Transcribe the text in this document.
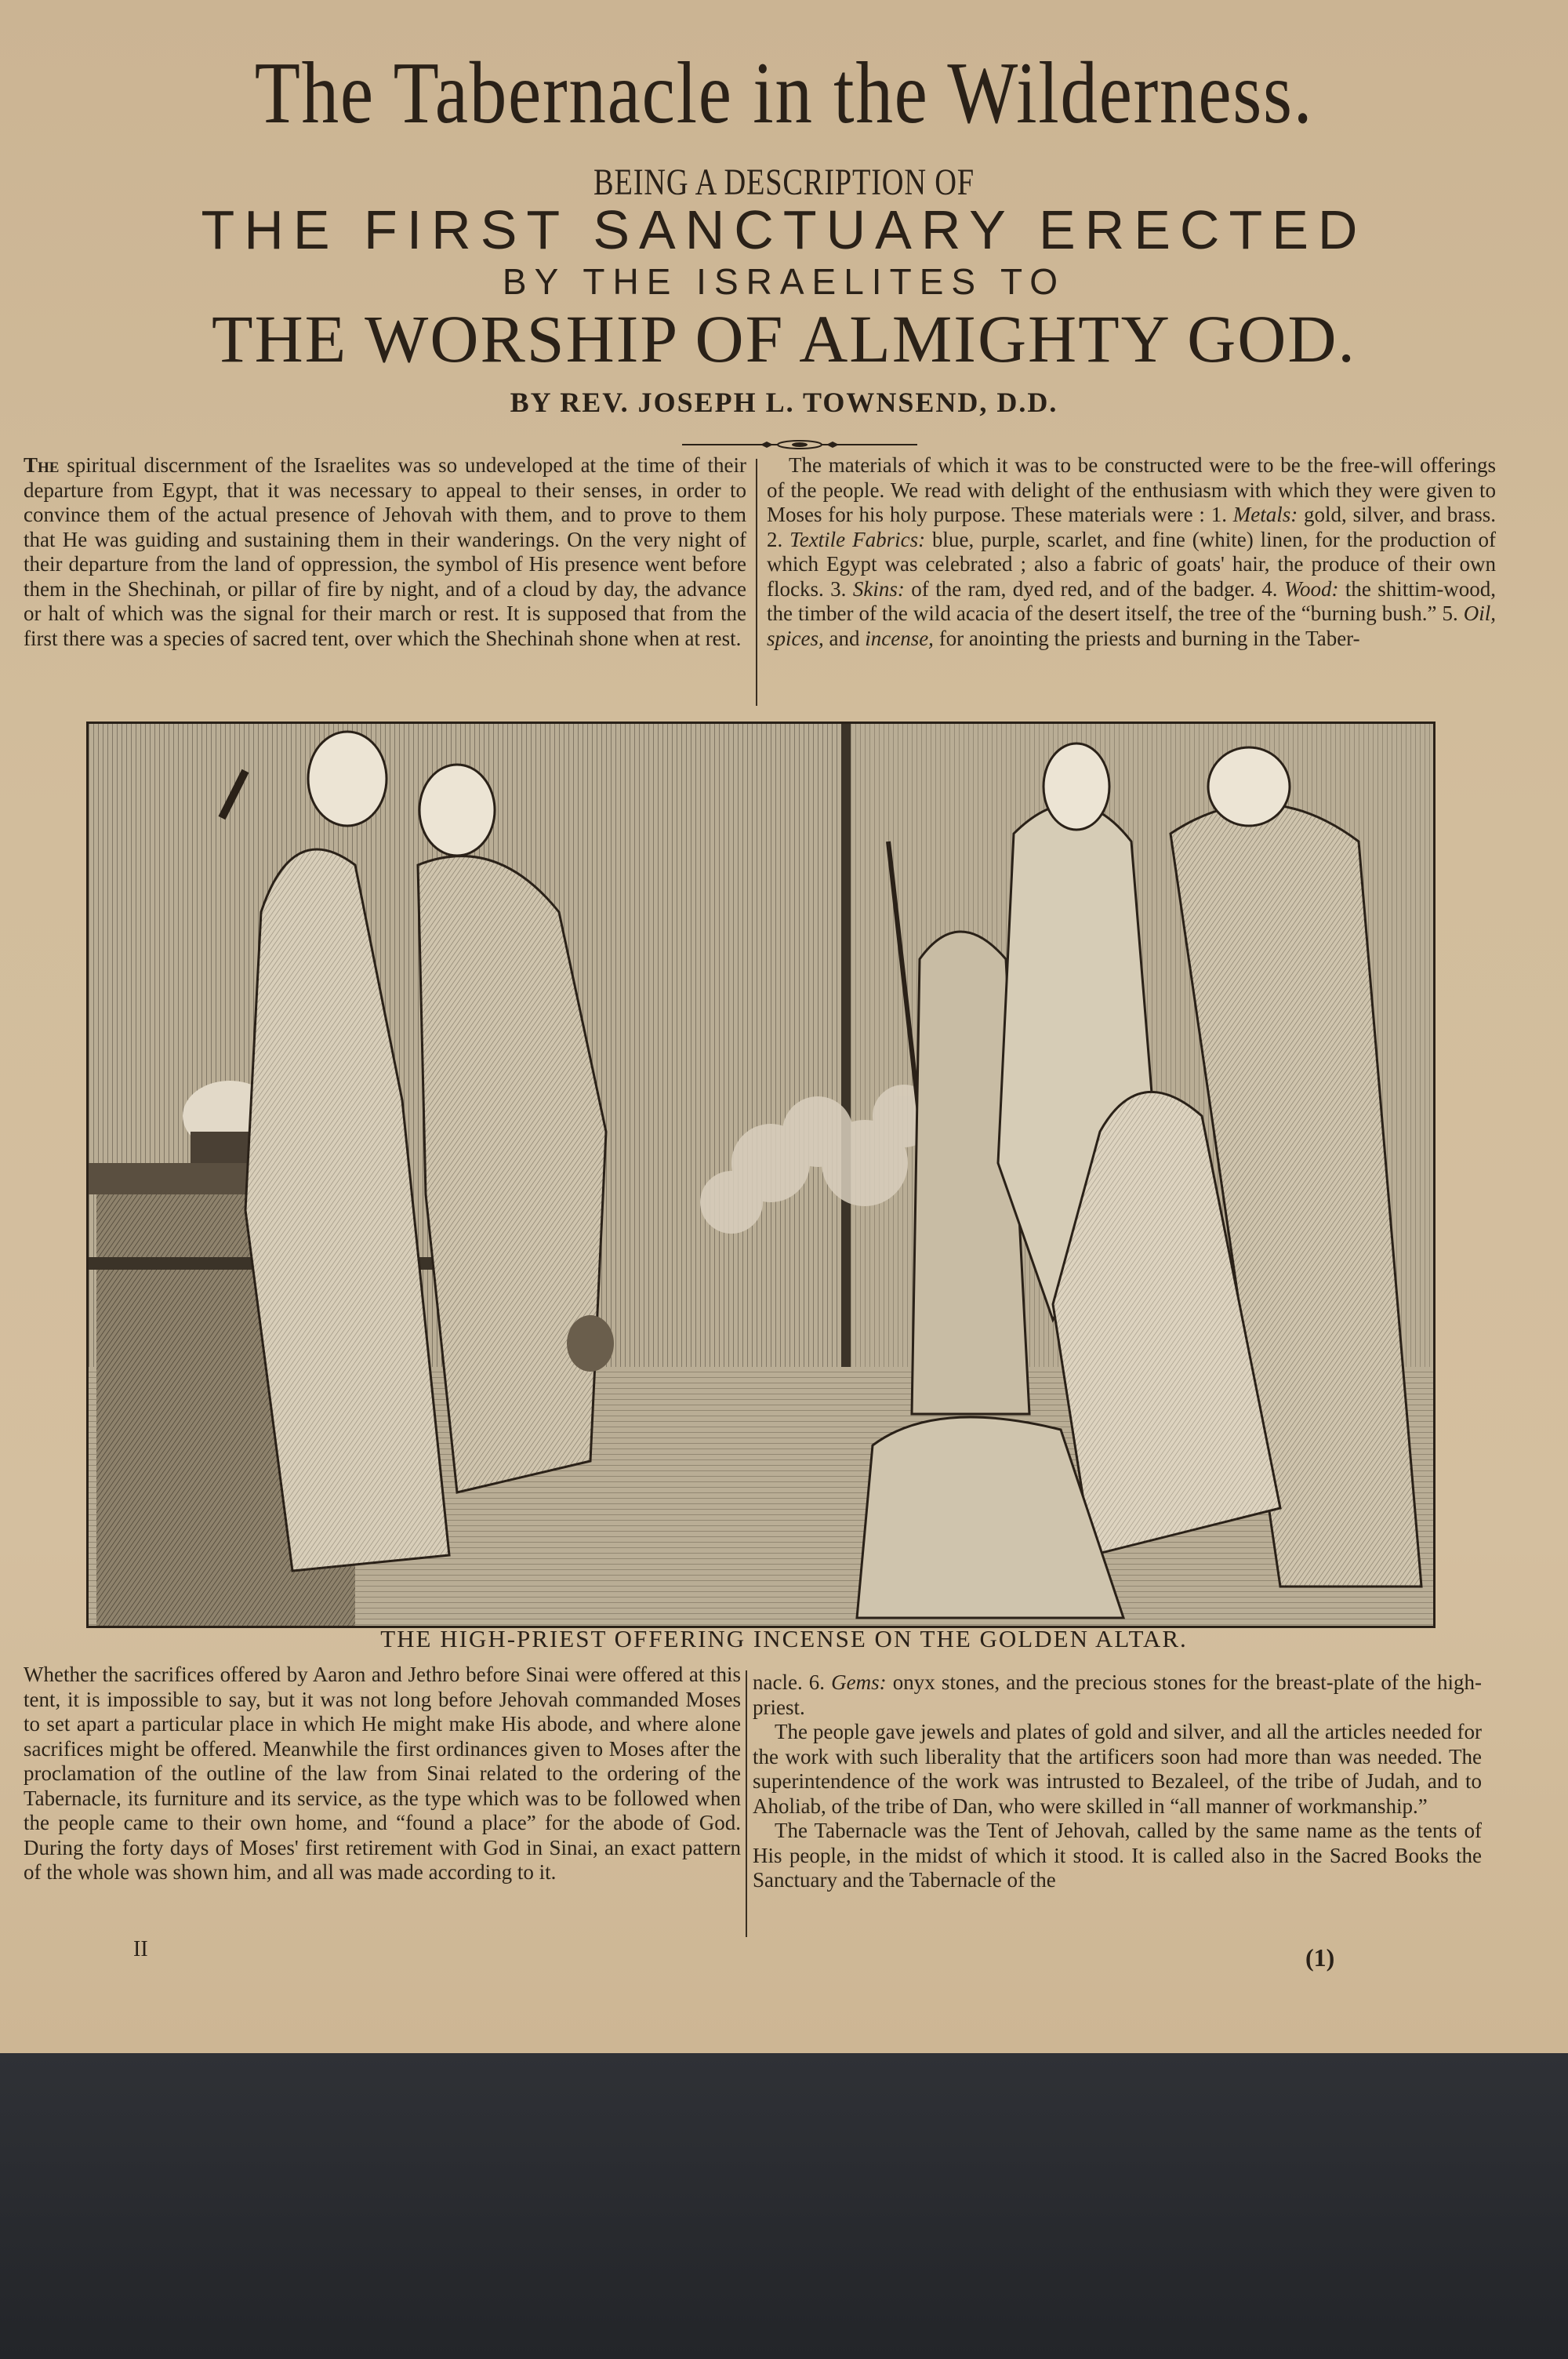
The Tabernacle in the Wilderness.
BEING A DESCRIPTION OF
THE FIRST SANCTUARY ERECTED
BY THE ISRAELITES TO
THE WORSHIP OF ALMIGHTY GOD.
BY REV. JOSEPH L. TOWNSEND, D.D.

The spiritual discernment of the Israelites was so undeveloped at the time of their departure from Egypt, that it was necessary to appeal to their senses, in order to convince them of the actual presence of Jehovah with them, and to prove to them that He was guiding and sustaining them in their wanderings. On the very night of their departure from the land of oppression, the symbol of His presence went before them in the Shechinah, or pillar of fire by night, and of a cloud by day, the advance or halt of which was the signal for their march or rest. It is supposed that from the first there was a species of sacred tent, over which the Shechinah shone when at rest.

The materials of which it was to be constructed were to be the free-will offerings of the people. We read with delight of the enthusiasm with which they were given to Moses for his holy purpose. These materials were : 1. Metals: gold, silver, and brass. 2. Textile Fabrics: blue, purple, scarlet, and fine (white) linen, for the production of which Egypt was celebrated ; also a fabric of goats' hair, the produce of their own flocks. 3. Skins: of the ram, dyed red, and of the badger. 4. Wood: the shittim-wood, the timber of the wild acacia of the desert itself, the tree of the “burning bush.” 5. Oil, spices, and incense, for anointing the priests and burning in the Taber-

THE HIGH-PRIEST OFFERING INCENSE ON THE GOLDEN ALTAR.

Whether the sacrifices offered by Aaron and Jethro before Sinai were offered at this tent, it is impossible to say, but it was not long before Jehovah commanded Moses to set apart a particular place in which He might make His abode, and where alone sacrifices might be offered. Meanwhile the first ordinances given to Moses after the proclamation of the outline of the law from Sinai related to the ordering of the Tabernacle, its furniture and its service, as the type which was to be followed when the people came to their own home, and “found a place” for the abode of God. During the forty days of Moses' first retirement with God in Sinai, an exact pattern of the whole was shown him, and all was made according to it.

nacle. 6. Gems: onyx stones, and the precious stones for the breast-plate of the high-priest.

The people gave jewels and plates of gold and silver, and all the articles needed for the work with such liberality that the artificers soon had more than was needed. The superintendence of the work was intrusted to Bezaleel, of the tribe of Judah, and to Aholiab, of the tribe of Dan, who were skilled in “all manner of workmanship.”

The Tabernacle was the Tent of Jehovah, called by the same name as the tents of His people, in the midst of which it stood. It is called also in the Sacred Books the Sanctuary and the Tabernacle of the

II	(1)
